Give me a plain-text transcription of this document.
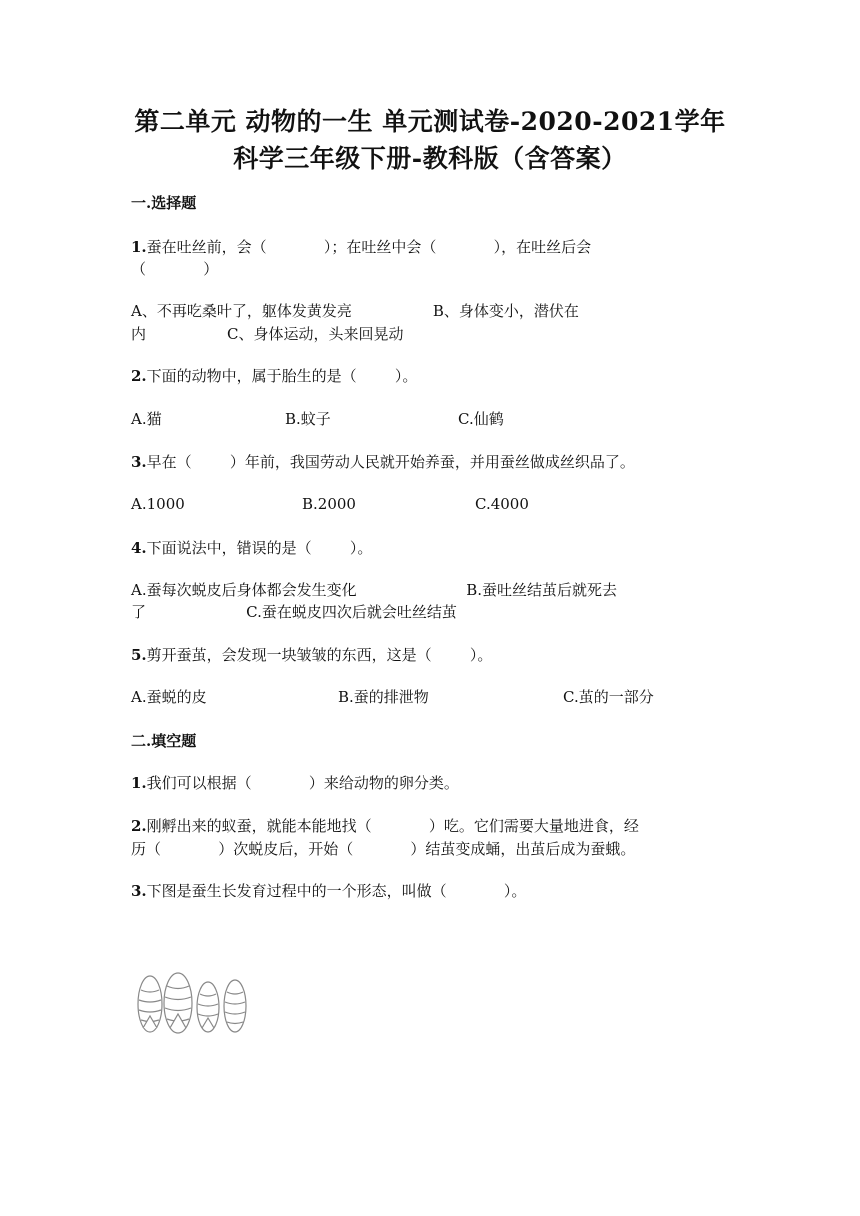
第二单元 动物的一生 单元测试卷-2020-2021学年
科学三年级下册-教科版（含答案）
一.选择题
1.蚕在吐丝前，会（            ）；在吐丝中会（            ），在吐丝后会
（            ）
A、不再吃桑叶了，躯体发黄发亮                 B、身体变小，潜伏在
内                 C、身体运动，头来回晃动
2.下面的动物中，属于胎生的是（        ）。
A.猫	B.蚊子	C.仙鹤
3.早在（        ）年前，我国劳动人民就开始养蚕，并用蚕丝做成丝织品了。
A.1000	B.2000	C.4000
4.下面说法中，错误的是（        ）。
A.蚕每次蜕皮后身体都会发生变化                       B.蚕吐丝结茧后就死去
了                     C.蚕在蜕皮四次后就会吐丝结茧
5.剪开蚕茧，会发现一块皱皱的东西，这是（        ）。
A.蚕蜕的皮	B.蚕的排泄物	C.茧的一部分
二.填空题
1.我们可以根据（            ）来给动物的卵分类。
2.刚孵出来的蚁蚕，就能本能地找（            ）吃。它们需要大量地进食，经
历（            ）次蜕皮后，开始（            ）结茧变成蛹，出茧后成为蚕蛾。
3.下图是蚕生长发育过程中的一个形态，叫做（            ）。
